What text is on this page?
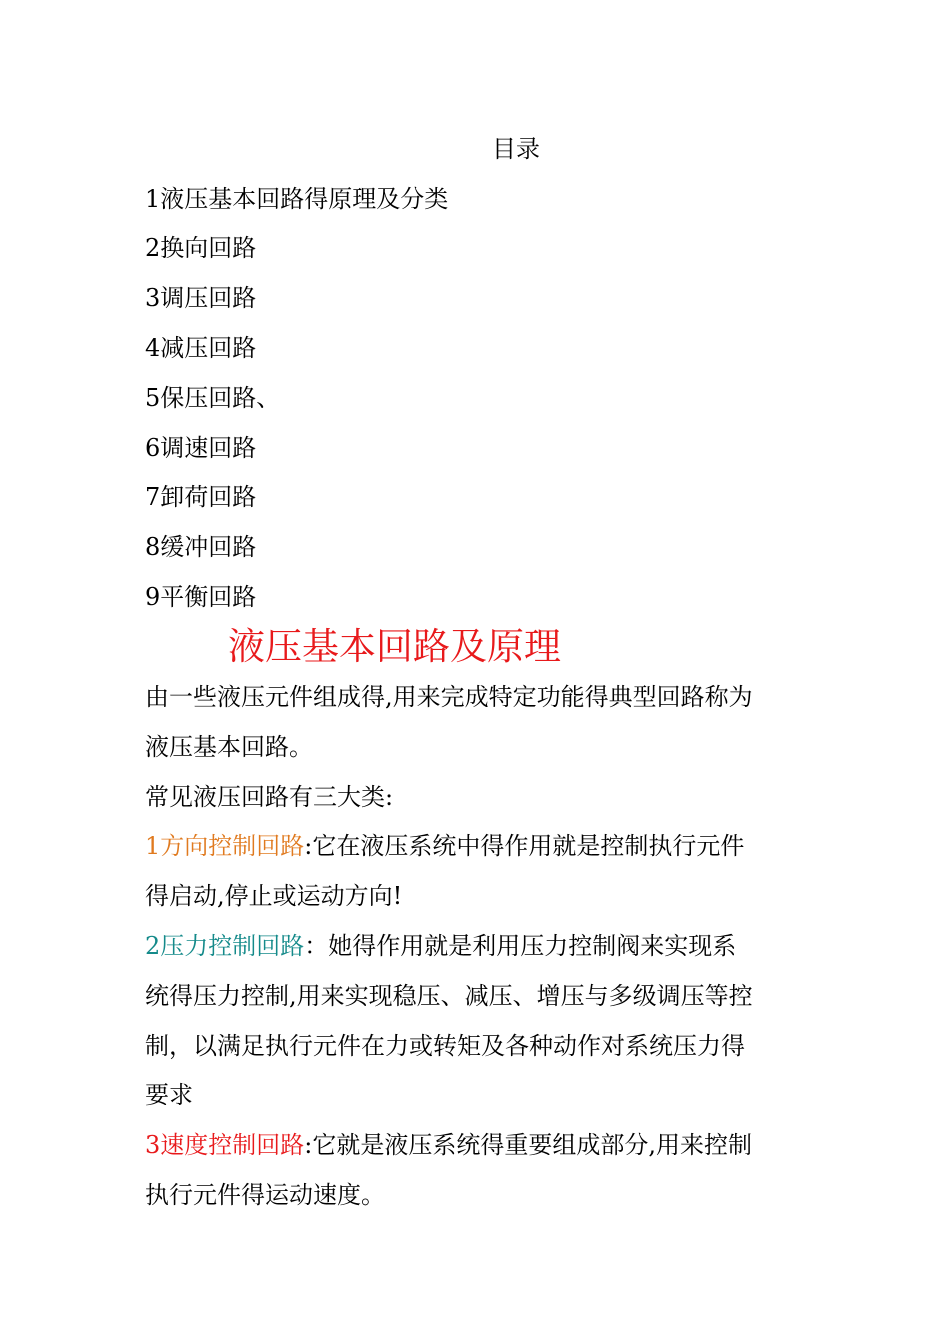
目录
1液压基本回路得原理及分类
2换向回路
3调压回路
4减压回路
5保压回路、
6调速回路
7卸荷回路
8缓冲回路
9平衡回路
液压基本回路及原理
由一些液压元件组成得,用来完成特定功能得典型回路称为
液压基本回路。
常见液压回路有三大类:
1方向控制回路:它在液压系统中得作用就是控制执行元件
得启动,停止或运动方向!
2压力控制回路：她得作用就是利用压力控制阀来实现系
统得压力控制,用来实现稳压、减压、增压与多级调压等控
制，以满足执行元件在力或转矩及各种动作对系统压力得
要求
3速度控制回路:它就是液压系统得重要组成部分,用来控制
执行元件得运动速度。
